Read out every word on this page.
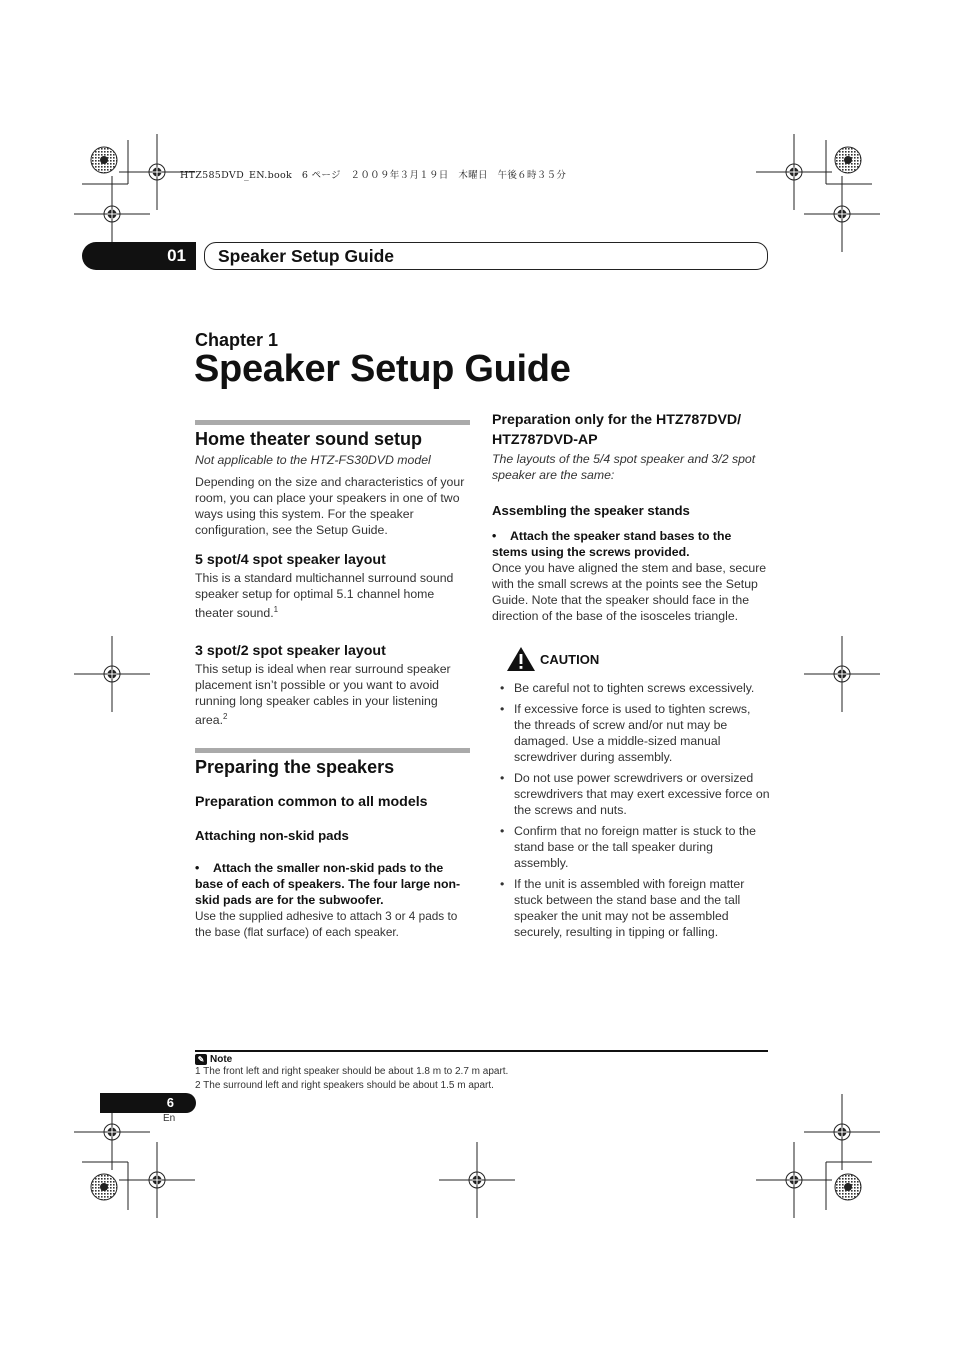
HTZ585DVD_EN.book　6 ページ　２００９年３月１９日　木曜日　午後６時３５分
01	Speaker Setup Guide
Chapter 1
Speaker Setup Guide
Home theater sound setup
Not applicable to the HTZ-FS30DVD model
Depending on the size and characteristics of your room, you can place your speakers in one of two ways using this system. For the speaker configuration, see the Setup Guide.
5 spot/4 spot speaker layout
This is a standard multichannel surround sound speaker setup for optimal 5.1 channel home theater sound.$^1$
3 spot/2 spot speaker layout
This setup is ideal when rear surround speaker placement isn’t possible or you want to avoid running long speaker cables in your listening area.$^2$
Preparing the speakers
Preparation common to all models
Attaching non-skid pads
•    Attach the smaller non-skid pads to the base of each of speakers. The four large non-skid pads are for the subwoofer.
Use the supplied adhesive to attach 3 or 4 pads to the base (flat surface) of each speaker.
Preparation only for the HTZ787DVD/ HTZ787DVD-AP
The layouts of the 5/4 spot speaker and 3/2 spot speaker are the same:
Assembling the speaker stands
•    Attach the speaker stand bases to the stems using the screws provided.
Once you have aligned the stem and base, secure with the small screws at the points see the Setup Guide. Note that the speaker should face in the direction of the base of the isosceles triangle.
CAUTION
• Be careful not to tighten screws excessively.
• If excessive force is used to tighten screws, the threads of screw and/or nut may be damaged. Use a middle-sized manual screwdriver during assembly.
• Do not use power screwdrivers or oversized screwdrivers that may exert excessive force on the screws and nuts.
• Confirm that no foreign matter is stuck to the stand base or the tall speaker during assembly.
• If the unit is assembled with foreign matter stuck between the stand base and the tall speaker the unit may not be assembled securely, resulting in tipping or falling.
✎ Note
1 The front left and right speaker should be about 1.8 m to 2.7 m apart.
2 The surround left and right speakers should be about 1.5 m apart.
6
En
